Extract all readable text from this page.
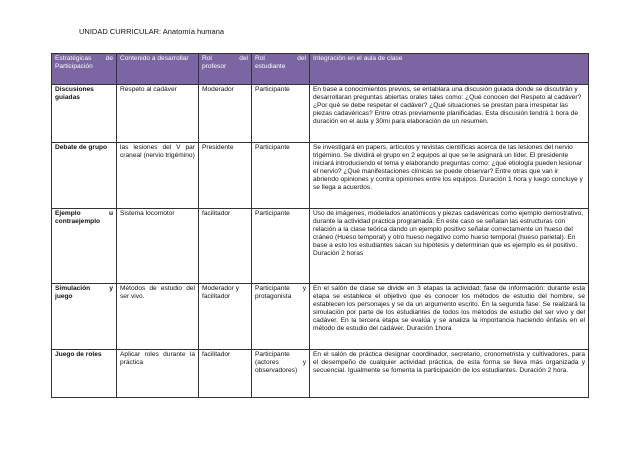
UNIDAD CURRICULAR: Anatomía humana
Estratégicas de Participación	Contenido a desarrollar	Rol del profesor	Rol del estudiante	Integración en el aula de clase
Discusiones guiadas	Respeto al cadáver	Moderador	Participante	En base a conocimientos previos, se entablara una discusión guiada donde se discutirán y desarrollaran preguntas abiertas orales tales como: ¿Qué conocen del Respeto al cadáver? ¿Por qué se debe respetar el cadáver? ¿Qué situaciones se prestan para irrespetar las piezas cadavéricas? Entre otras previamente planificadas. Esta discusión tendrá 1 hora de duración en el aula y 30mi para elaboración de un resumen.
Debate de grupo	las lesiones del V par craneal (nervio trigémino)	Presidente	Participante	Se investigará en papers, artículos y revistas científicas acerca de las lesiones del nervio trigémino. Se dividirá el grupo en 2 equipos al que se le asignará un líder. El presidente iniciará introduciendo el tema y elaborando preguntas como: ¿qué etiología pueden lesionar el nervio? ¿Qué manifestaciones clínicas se puede observar? Entre otras que van ir abriendo opiniones y contra opiniones entre los equipos. Duración 1 hora y luego concluye y se llega a acuerdos.
Ejemplo u contraejemplo	Sistema locomotor	facilitador	Participante	Uso de imágenes, modelados anatómicos y piezas cadavéricas como ejemplo demostrativo, durante la actividad practica programada. En este caso se señalan las estructuras con relación a la clase teórica dando un ejemplo positivo señalar correctamente un hueso del cráneo (Hueso temporal) y otro hueso negativo como hueso temporal (hueso parietal). En base a esto los estudiantes sacan su hipótesis y determinan que es ejemplo es el positivo. Duración 2 horas
Simulación y juego	Métodos de estudio del ser vivo.	Moderador y facilitador	Participante y protagonista	En el salón de clase se divide en 3 etapas la actividad: fase de información: durante esta etapa se establece el objetivo que es conocer los métodos de estudio del hombre, se establecen los personajes y se da un argumento escrito. En la segunda fase: Se realizará la simulación por parte de los estudiantes de todos los métodos de estudio del ser vivo y del cadáver. En la tercera etapa se evalúa y se analiza la importancia haciendo énfasis en el método de estudio del cadáver. Duración 1hora
Juego de roles	Aplicar roles durante la práctica	facilitador	Participante (actores y observadores)	En el salón de práctica designar coordinador, secretario, cronometrista y cultivadores, para el desempeño de cualquier actividad práctica, de esta forma se lleva más organizada y secuencial. Igualmente se fomenta la participación de los estudiantes. Duración 2 hora.
